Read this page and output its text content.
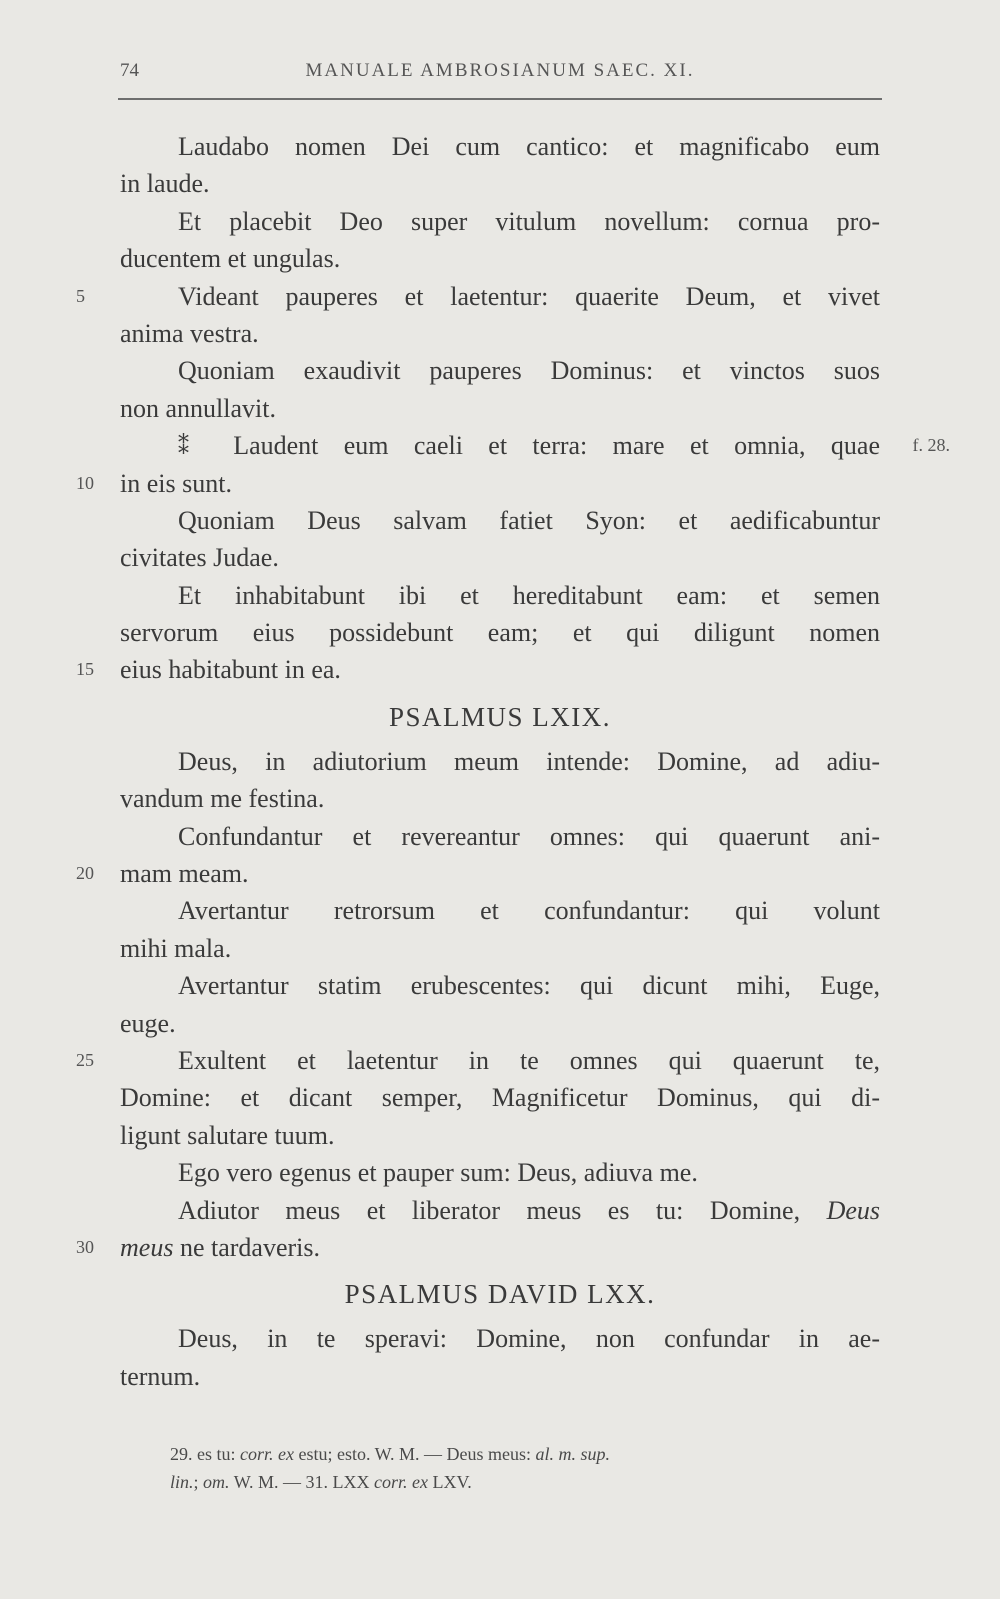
74	MANUALE AMBROSIANUM SAEC. XI.
Laudabo nomen Dei cum cantico: et magnificabo eum
in laude.
Et placebit Deo super vitulum novellum: cornua pro-
ducentem et ungulas.
Videant pauperes et laetentur: quaerite Deum, et vivet
5
anima vestra.
Quoniam exaudivit pauperes Dominus: et vinctos suos
non annullavit.
⁑ Laudent eum caeli et terra: mare et omnia, quae f. 28.
in eis sunt.
10
Quoniam Deus salvam fatiet Syon: et aedificabuntur
civitates Judae.
Et inhabitabunt ibi et hereditabunt eam: et semen
servorum eius possidebunt eam; et qui diligunt nomen
eius habitabunt in ea.
15
PSALMUS LXIX.
Deus, in adiutorium meum intende: Domine, ad adiu-
vandum me festina.
Confundantur et revereantur omnes: qui quaerunt ani-
mam meam.
20
Avertantur retrorsum et confundantur: qui volunt
mihi mala.
Avertantur statim erubescentes: qui dicunt mihi, Euge,
euge.
Exultent et laetentur in te omnes qui quaerunt te,
25
Domine: et dicant semper, Magnificetur Dominus, qui di-
ligunt salutare tuum.
Ego vero egenus et pauper sum: Deus, adiuva me.
Adiutor meus et liberator meus es tu: Domine, Deus
meus ne tardaveris.
30
PSALMUS DAVID LXX.
Deus, in te speravi: Domine, non confundar in ae-
ternum.
29. es tu: corr. ex estu; esto. W. M. — Deus meus: al. m. sup.
lin.; om. W. M. — 31. LXX corr. ex LXV.
